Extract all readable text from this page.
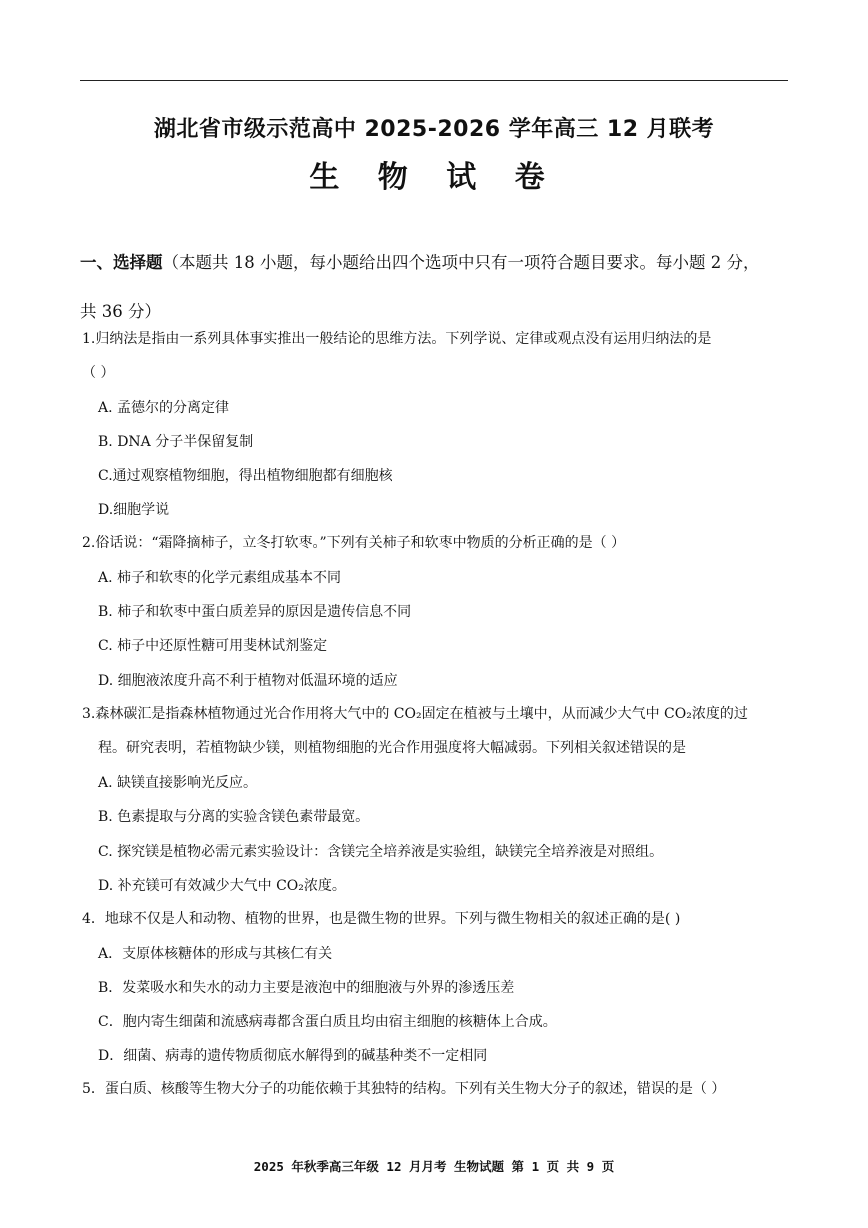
湖北省市级示范高中 2025-2026 学年高三 12 月联考
生 物 试 卷
一、选择题（本题共 18 小题，每小题给出四个选项中只有一项符合题目要求。每小题 2 分，
共 36 分）
1.归纳法是指由一系列具体事实推出一般结论的思维方法。下列学说、定律或观点没有运用归纳法的是
（ ）
A. 孟德尔的分离定律
B. DNA 分子半保留复制
C.通过观察植物细胞，得出植物细胞都有细胞核
D.细胞学说
2.俗话说：“霜降摘柿子，立冬打软枣。”下列有关柿子和软枣中物质的分析正确的是（ ）
A. 柿子和软枣的化学元素组成基本不同
B. 柿子和软枣中蛋白质差异的原因是遗传信息不同
C. 柿子中还原性糖可用斐林试剂鉴定
D. 细胞液浓度升高不利于植物对低温环境的适应
3.森林碳汇是指森林植物通过光合作用将大气中的 CO₂固定在植被与土壤中，从而减少大气中 CO₂浓度的过
程。研究表明，若植物缺少镁，则植物细胞的光合作用强度将大幅减弱。下列相关叙述错误的是
A. 缺镁直接影响光反应。
B. 色素提取与分离的实验含镁色素带最宽。
C. 探究镁是植物必需元素实验设计：含镁完全培养液是实验组，缺镁完全培养液是对照组。
D. 补充镁可有效减少大气中 CO₂浓度。
4．地球不仅是人和动物、植物的世界，也是微生物的世界。下列与微生物相关的叙述正确的是( )
A．支原体核糖体的形成与其核仁有关
B．发菜吸水和失水的动力主要是液泡中的细胞液与外界的渗透压差
C．胞内寄生细菌和流感病毒都含蛋白质且均由宿主细胞的核糖体上合成。
D．细菌、病毒的遗传物质彻底水解得到的碱基种类不一定相同
5．蛋白质、核酸等生物大分子的功能依赖于其独特的结构。下列有关生物大分子的叙述，错误的是（ ）
2025 年秋季高三年级 12 月月考 生物试题 第 1 页 共 9 页
